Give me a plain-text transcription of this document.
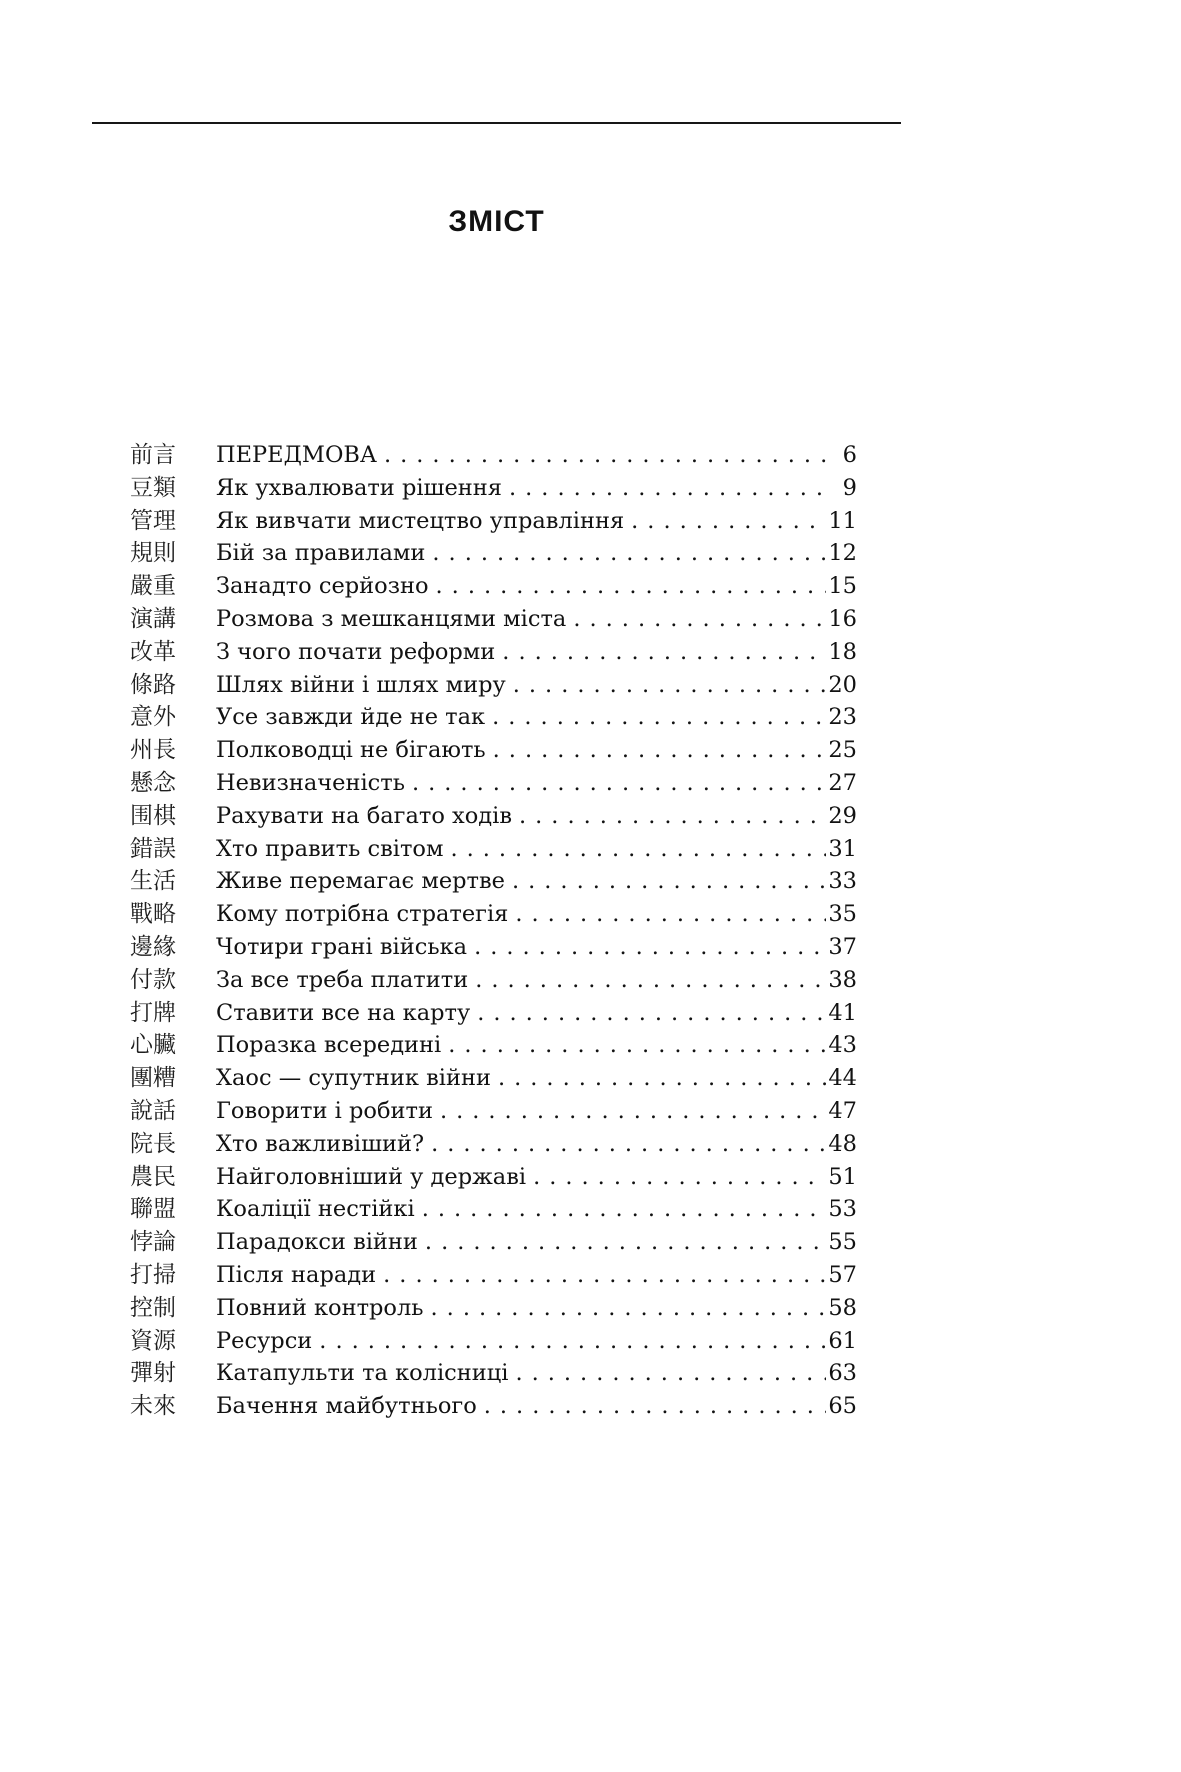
ЗМІСТ
前言	ПЕРЕДМОВА .....	6
豆類	Як ухвалювати рішення .....	9
管理	Як вивчати мистецтво управління .....	11
規則	Бій за правилами .....	12
嚴重	Занадто серйозно .....	15
演講	Розмова з мешканцями міста .....	16
改革	З чого почати реформи .....	18
條路	Шлях війни і шлях миру .....	20
意外	Усе завжди йде не так .....	23
州長	Полководці не бігають .....	25
懸念	Невизначеність .....	27
围棋	Рахувати на багато ходів .....	29
錯誤	Хто править світом .....	31
生活	Живе перемагає мертве .....	33
戰略	Кому потрібна стратегія .....	35
邊緣	Чотири грані війська .....	37
付款	За все треба платити .....	38
打牌	Ставити все на карту .....	41
心臟	Поразка всередині .....	43
團糟	Хаос — супутник війни .....	44
說話	Говорити і робити .....	47
院長	Хто важливіший? .....	48
農民	Найголовніший у державі .....	51
聯盟	Коаліції нестійкі .....	53
悖論	Парадокси війни .....	55
打掃	Після наради .....	57
控制	Повний контроль .....	58
資源	Ресурси .....	61
彈射	Катапульти та колісниці .....	63
未來	Бачення майбутнього .....	65
